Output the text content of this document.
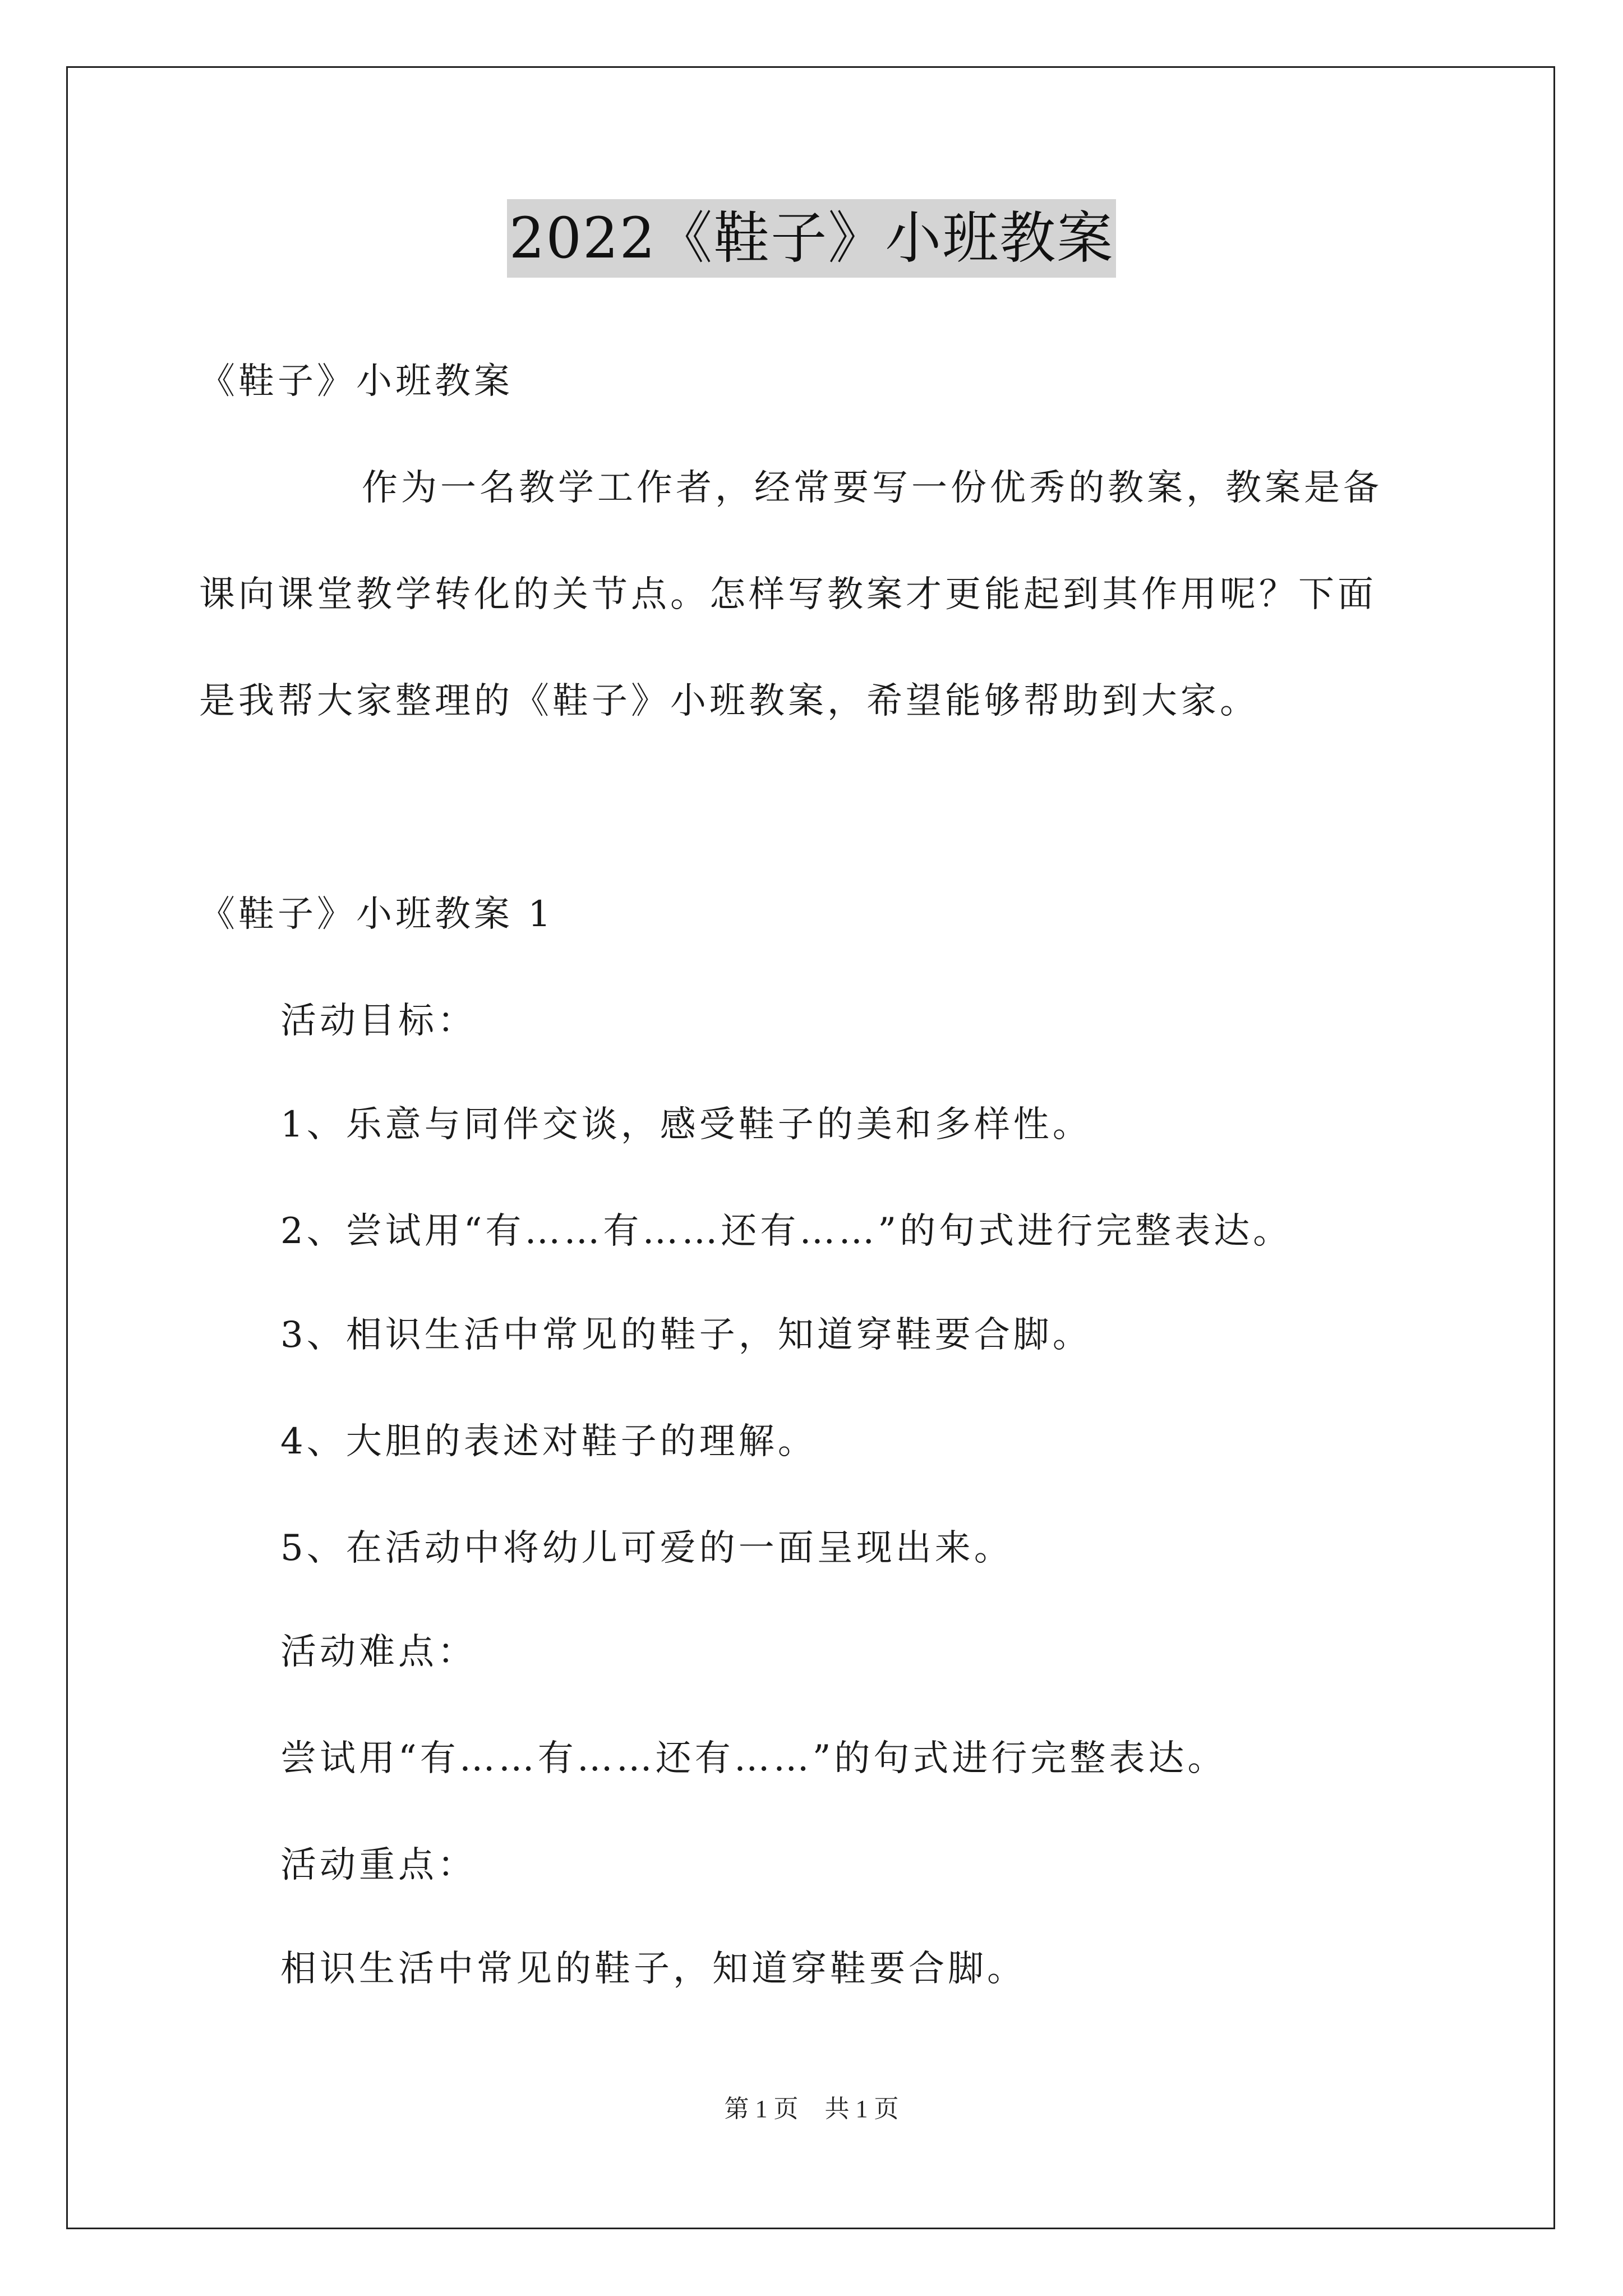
2022《鞋子》小班教案
《鞋子》小班教案
作为一名教学工作者，经常要写一份优秀的教案，教案是备
课向课堂教学转化的关节点。怎样写教案才更能起到其作用呢？下面
是我帮大家整理的《鞋子》小班教案，希望能够帮助到大家。
《鞋子》小班教案 1
活动目标：
1、乐意与同伴交谈，感受鞋子的美和多样性。
2、尝试用“有……有……还有……”的句式进行完整表达。
3、相识生活中常见的鞋子，知道穿鞋要合脚。
4、大胆的表述对鞋子的理解。
5、在活动中将幼儿可爱的一面呈现出来。
活动难点：
尝试用“有……有……还有……”的句式进行完整表达。
活动重点：
相识生活中常见的鞋子，知道穿鞋要合脚。
第 1 页 共 1 页
